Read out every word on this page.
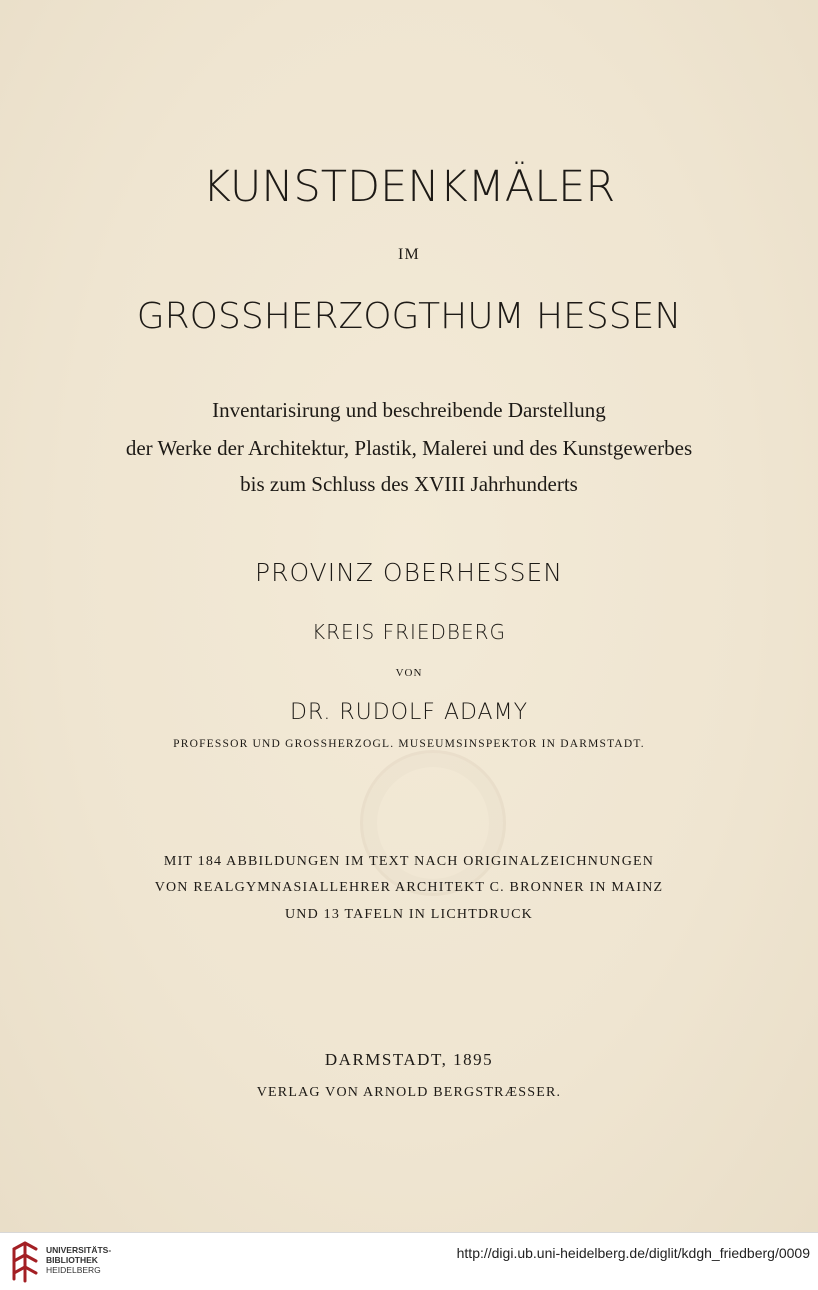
KUNSTDENKMÄLER

IM

GROSSHERZOGTHUM HESSEN

Inventarisirung und beschreibende Darstellung

der Werke der Architektur, Plastik, Malerei und des Kunstgewerbes

bis zum Schluss des XVIII Jahrhunderts

PROVINZ OBERHESSEN

KREIS FRIEDBERG

VON

DR. RUDOLF ADAMY

PROFESSOR UND GROSSHERZOGL. MUSEUMSINSPEKTOR IN DARMSTADT.

MIT 184 ABBILDUNGEN IM TEXT NACH ORIGINALZEICHNUNGEN

VON REALGYMNASIALLEHRER ARCHITEKT C. BRONNER IN MAINZ

UND 13 TAFELN IN LICHTDRUCK

DARMSTADT, 1895

VERLAG VON ARNOLD BERGSTRÆSSER.

UNIVERSITÄTS-
BIBLIOTHEK
HEIDELBERG
http://digi.ub.uni-heidelberg.de/diglit/kdgh_friedberg/0009
